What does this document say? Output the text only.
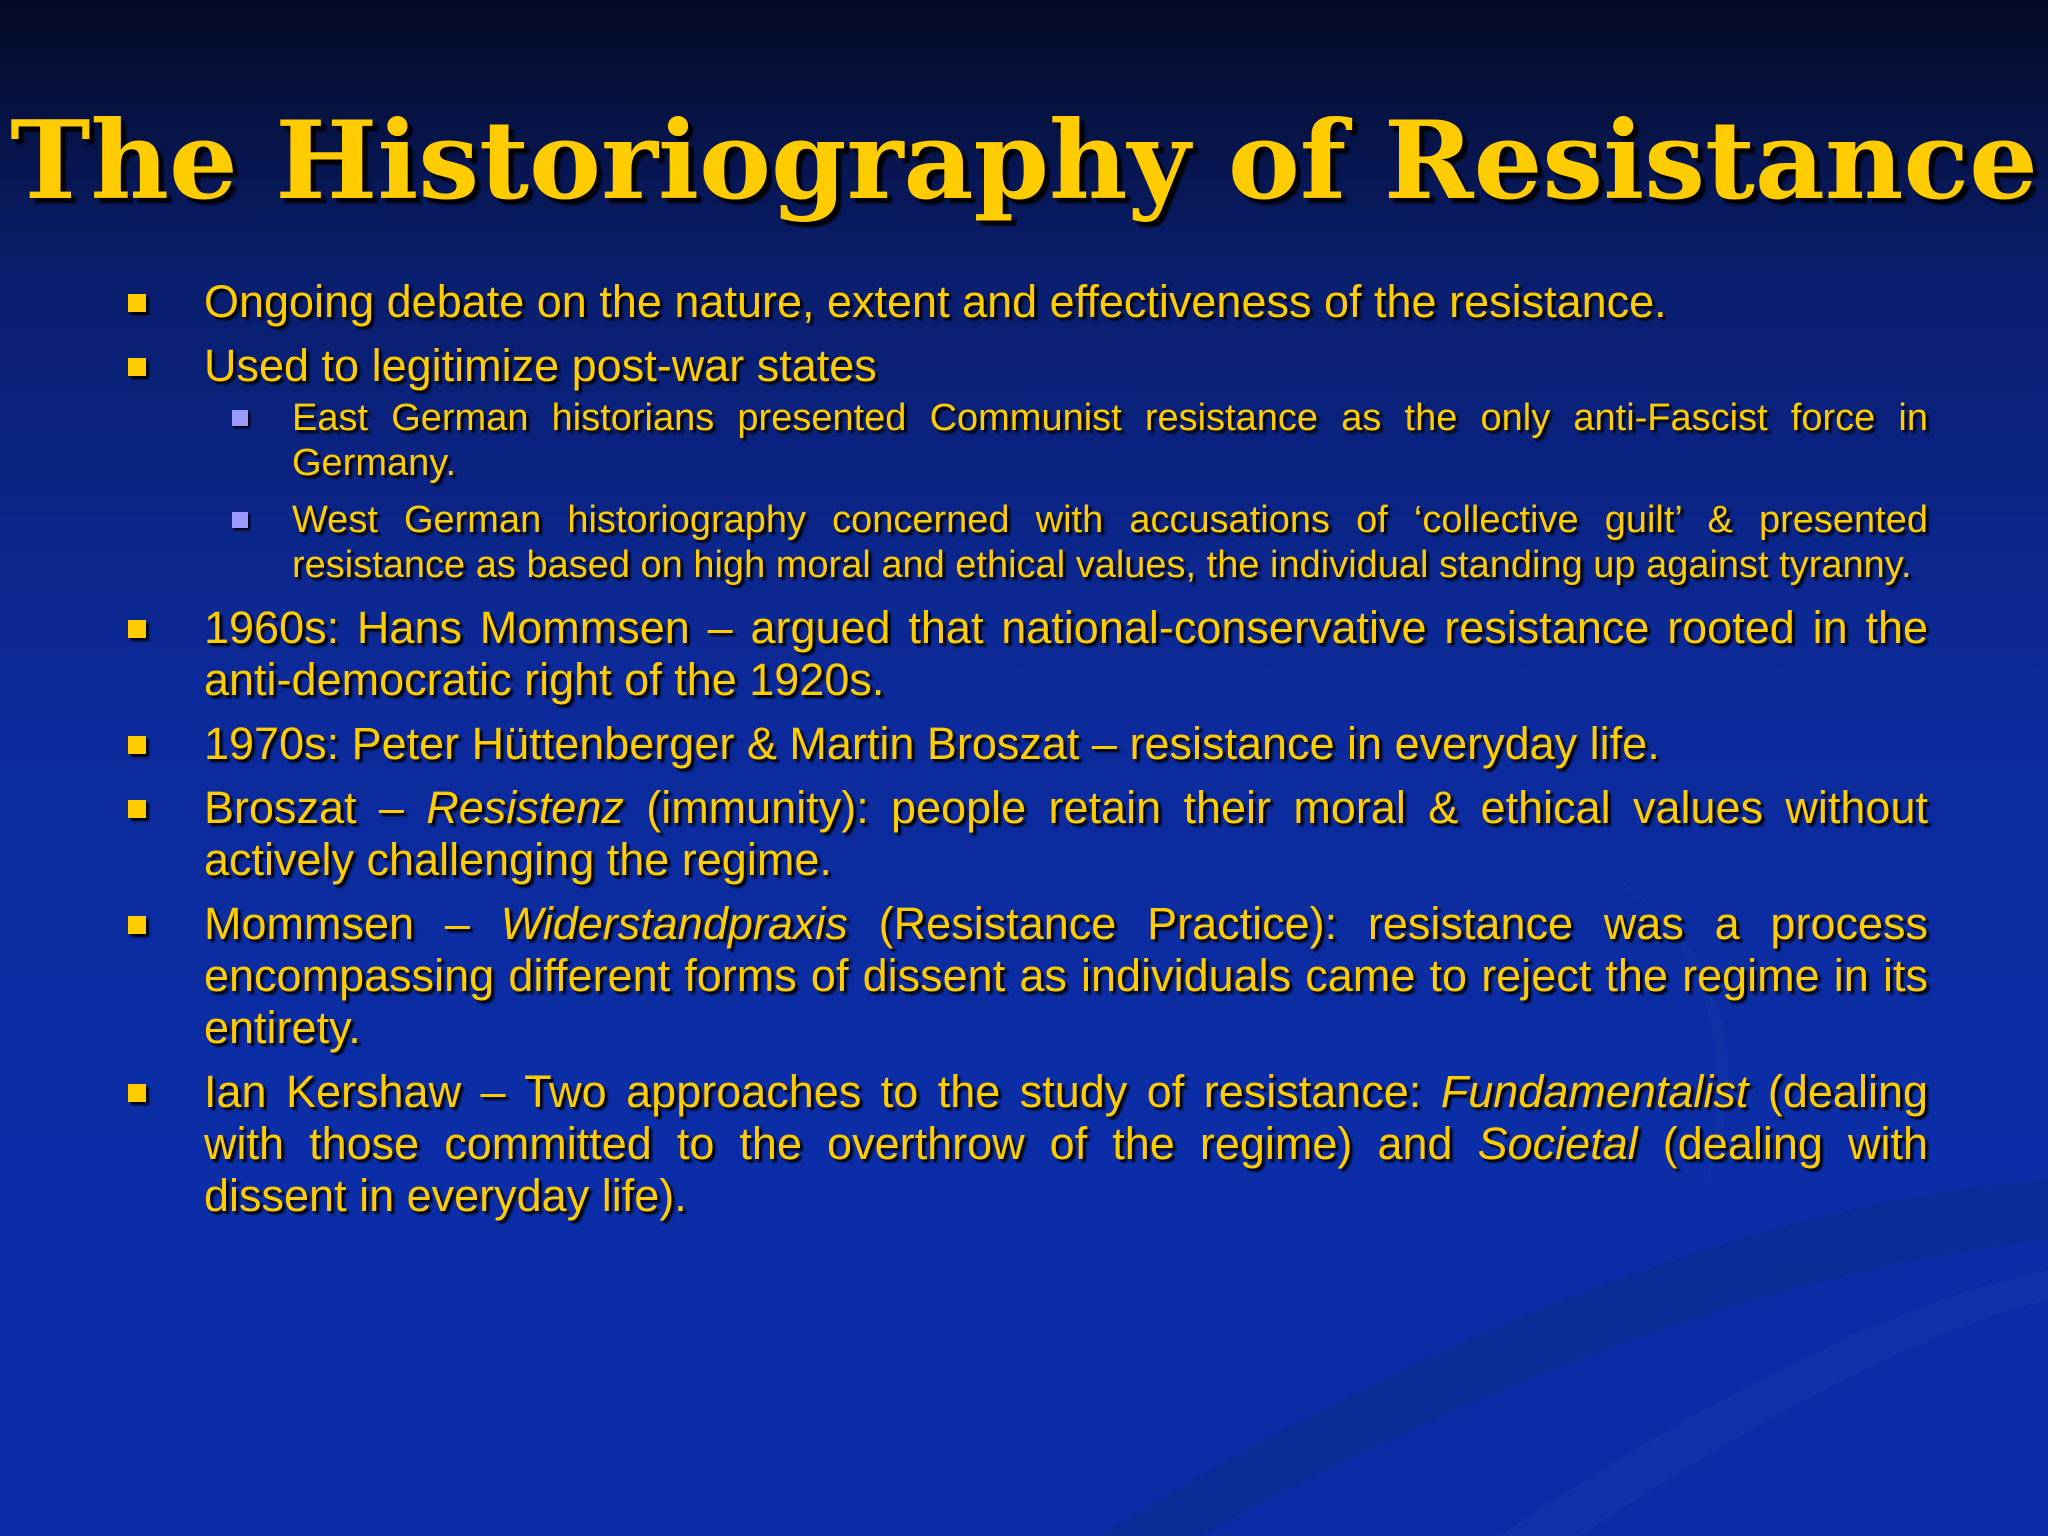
The Historiography of Resistance
Ongoing debate on the nature, extent and effectiveness of the resistance.
Used to legitimize post-war states
East German historians presented Communist resistance as the only anti-Fascist force in Germany.
West German historiography concerned with accusations of ‘collective guilt’ & presented resistance as based on high moral and ethical values, the individual standing up against tyranny.
1960s: Hans Mommsen – argued that national-conservative resistance rooted in the anti-democratic right of the 1920s.
1970s: Peter Hüttenberger & Martin Broszat – resistance in everyday life.
Broszat – Resistenz (immunity): people retain their moral & ethical values without actively challenging the regime.
Mommsen – Widerstandpraxis (Resistance Practice): resistance was a process encompassing different forms of dissent as individuals came to reject the regime in its entirety.
Ian Kershaw – Two approaches to the study of resistance: Fundamentalist (dealing with those committed to the overthrow of the regime) and Societal (dealing with dissent in everyday life).
